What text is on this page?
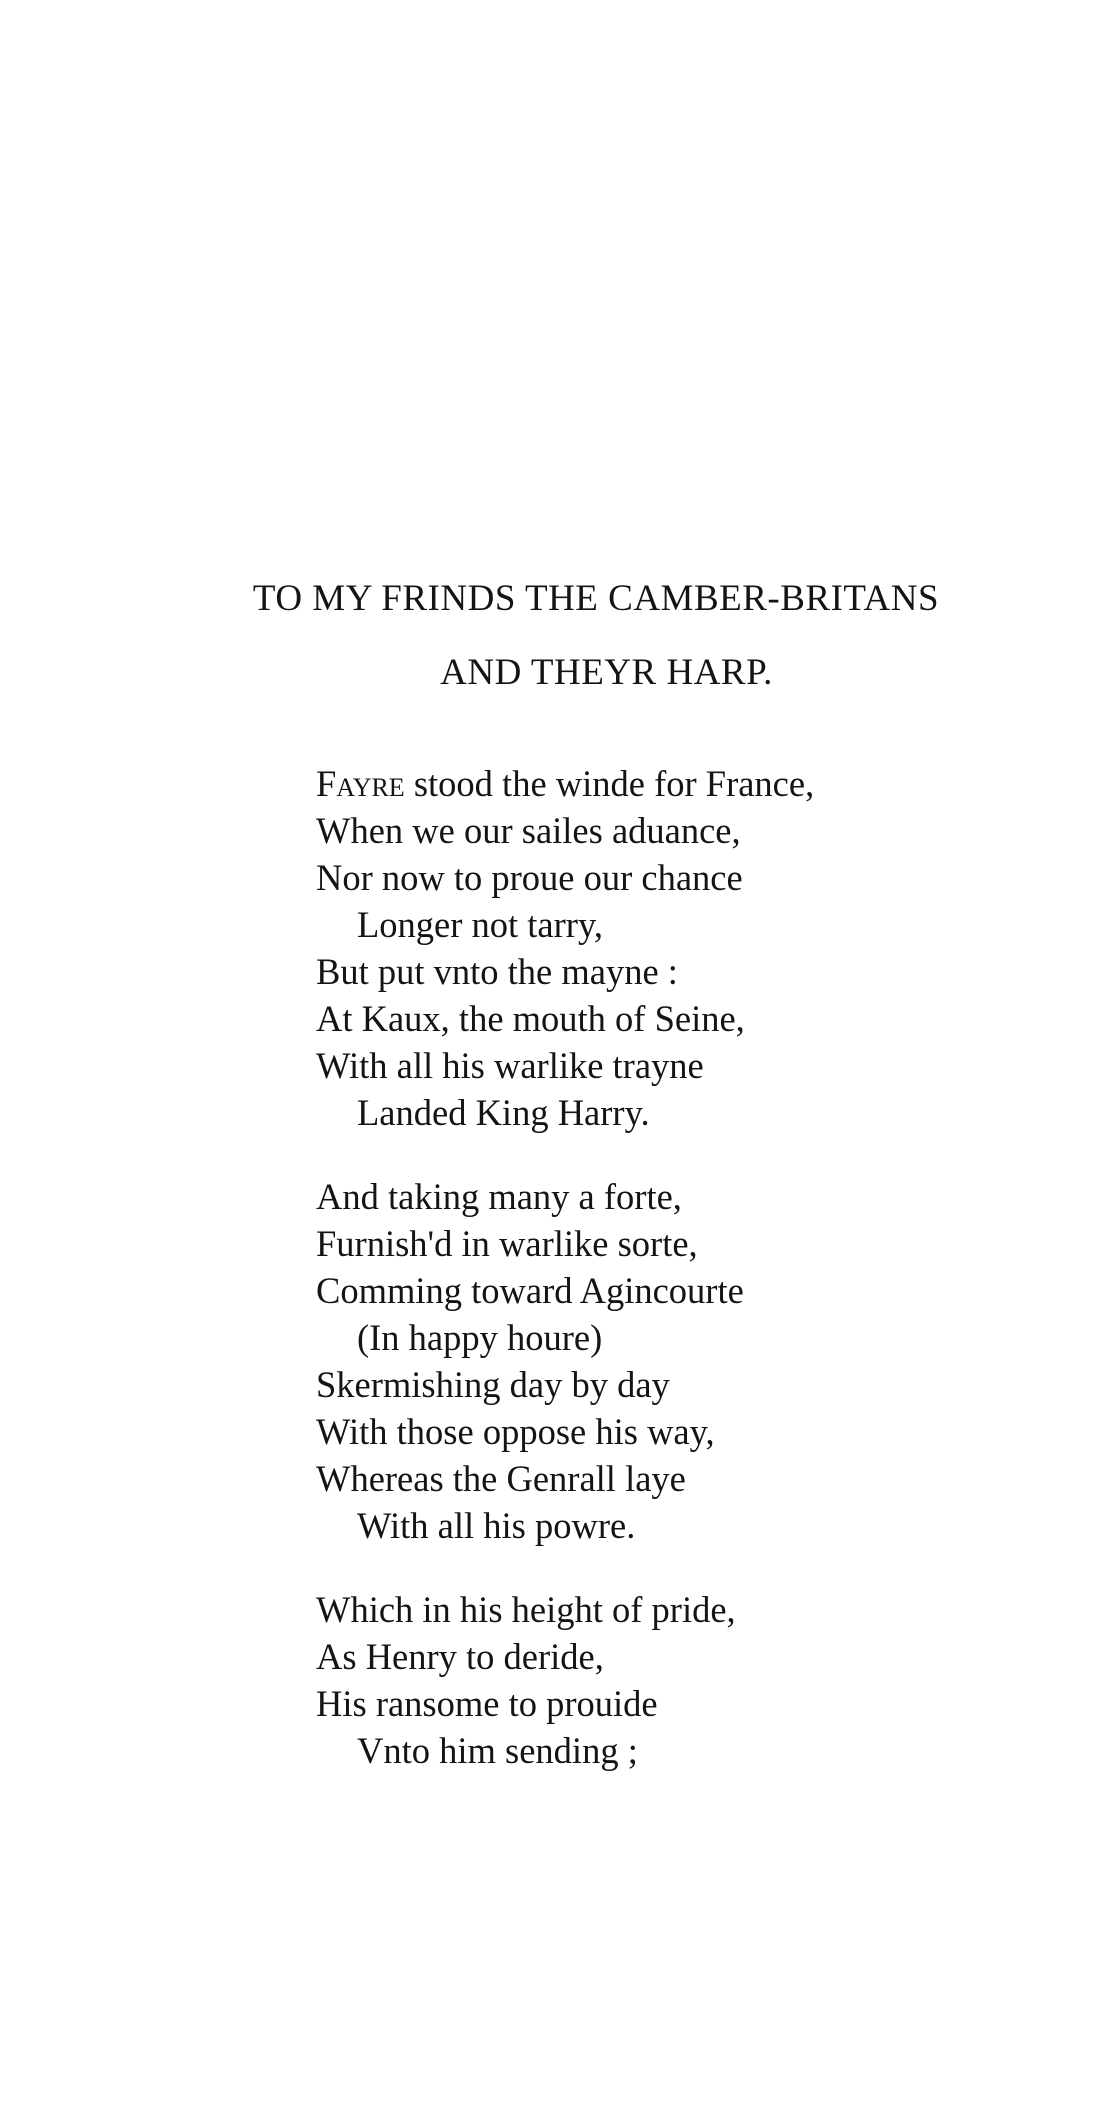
TO MY FRINDS THE CAMBER-BRITANS
AND THEYR HARP.
Fayre stood the winde for France,
When we our sailes aduance,
Nor now to proue our chance
Longer not tarry,
But put vnto the mayne :
At Kaux, the mouth of Seine,
With all his warlike trayne
Landed King Harry.
And taking many a forte,
Furnish'd in warlike sorte,
Comming toward Agincourte
(In happy houre)
Skermishing day by day
With those oppose his way,
Whereas the Genrall laye
With all his powre.
Which in his height of pride,
As Henry to deride,
His ransome to prouide
Vnto him sending ;
